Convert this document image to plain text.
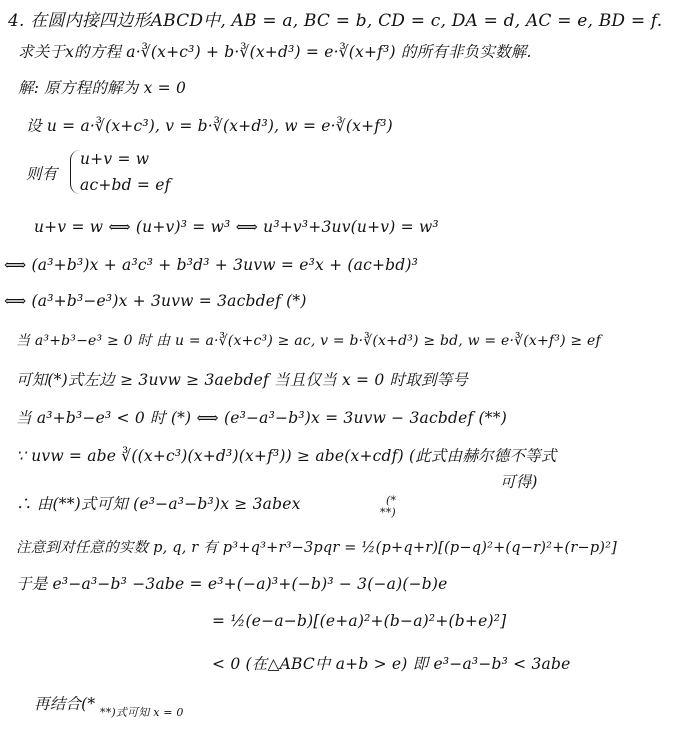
4. 在圆内接四边形ABCD中, AB = a, BC = b, CD = c, DA = d, AC = e, BD = f.
求关于x的方程 a·∛(x+c³) + b·∛(x+d³) = e·∛(x+f³) 的所有非负实数解.
解: 原方程的解为 x = 0
设 u = a·∛(x+c³), v = b·∛(x+d³), w = e·∛(x+f³)
则有
u+v = w
ac+bd = ef
u+v = w ⟺ (u+v)³ = w³ ⟺ u³+v³+3uv(u+v) = w³
⟺ (a³+b³)x + a³c³ + b³d³ + 3uvw = e³x + (ac+bd)³
⟺ (a³+b³−e³)x + 3uvw = 3acbdef (*)
当 a³+b³−e³ ≥ 0 时 由 u = a·∛(x+c³) ≥ ac, v = b·∛(x+d³) ≥ bd, w = e·∛(x+f³) ≥ ef
可知(*)式左边 ≥ 3uvw ≥ 3aebdef 当且仅当 x = 0 时取到等号
当 a³+b³−e³ < 0 时 (*) ⟺ (e³−a³−b³)x = 3uvw − 3acbdef (**)
∵ uvw = abe ∛((x+c³)(x+d³)(x+f³)) ≥ abe(x+cdf) (此式由赫尔德不等式
可得)
∴ 由(**)式可知 (e³−a³−b³)x ≥ 3abex	(*
**)
注意到对任意的实数 p, q, r 有 p³+q³+r³−3pqr = ½(p+q+r)[(p−q)²+(q−r)²+(r−p)²]
于是 e³−a³−b³ −3abe = e³+(−a)³+(−b)³ − 3(−a)(−b)e
= ½(e−a−b)[(e+a)²+(b−a)²+(b+e)²]
< 0 (在△ABC中 a+b > e) 即 e³−a³−b³ < 3abe
再结合(* **)式可知 x = 0
